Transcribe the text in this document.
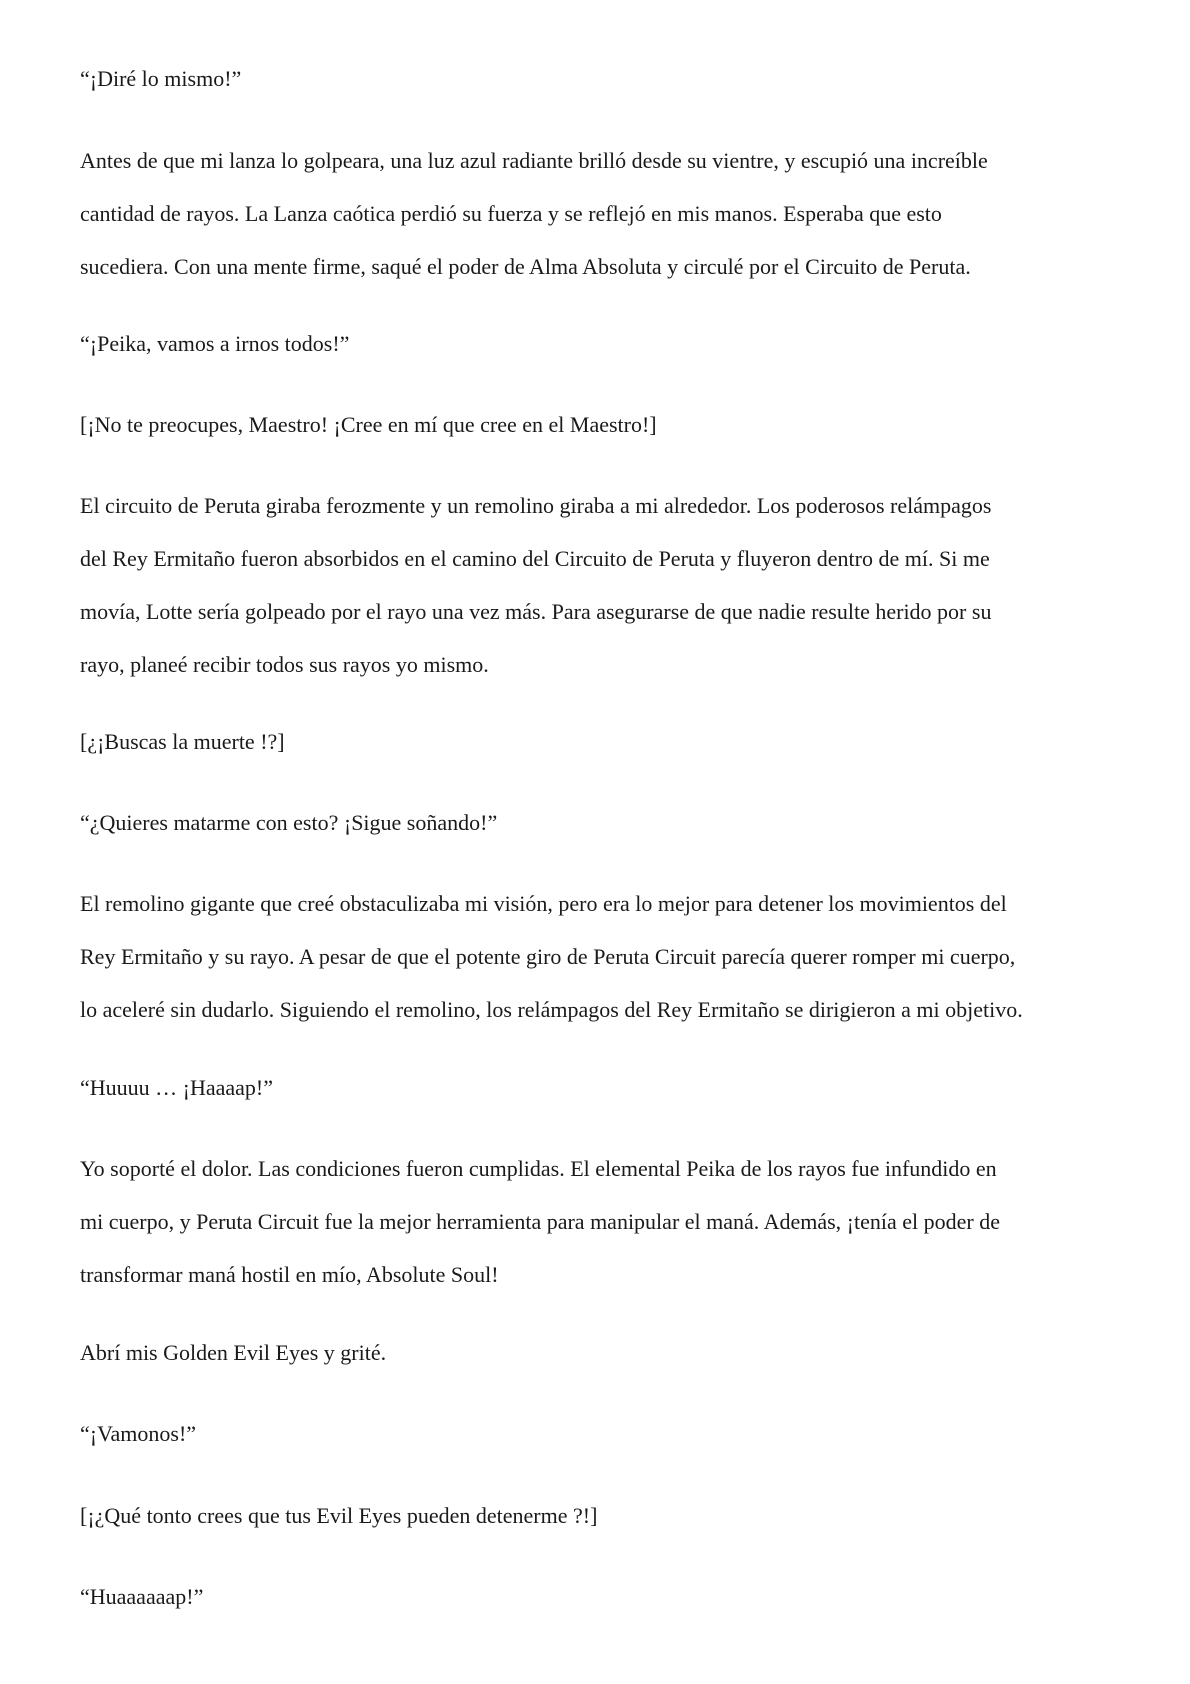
“¡Diré lo mismo!”

Antes de que mi lanza lo golpeara, una luz azul radiante brilló desde su vientre, y escupió una increíble

cantidad de rayos. La Lanza caótica perdió su fuerza y se reflejó en mis manos. Esperaba que esto

sucediera. Con una mente firme, saqué el poder de Alma Absoluta y circulé por el Circuito de Peruta.

“¡Peika, vamos a irnos todos!”

[¡No te preocupes, Maestro! ¡Cree en mí que cree en el Maestro!]

El circuito de Peruta giraba ferozmente y un remolino giraba a mi alrededor. Los poderosos relámpagos

del Rey Ermitaño fueron absorbidos en el camino del Circuito de Peruta y fluyeron dentro de mí. Si me

movía, Lotte sería golpeado por el rayo una vez más. Para asegurarse de que nadie resulte herido por su

rayo, planeé recibir todos sus rayos yo mismo.

[¿¡Buscas la muerte !?]

“¿Quieres matarme con esto? ¡Sigue soñando!”

El remolino gigante que creé obstaculizaba mi visión, pero era lo mejor para detener los movimientos del

Rey Ermitaño y su rayo. A pesar de que el potente giro de Peruta Circuit parecía querer romper mi cuerpo,

lo aceleré sin dudarlo. Siguiendo el remolino, los relámpagos del Rey Ermitaño se dirigieron a mi objetivo.

“Huuuu … ¡Haaaap!”

Yo soporté el dolor. Las condiciones fueron cumplidas. El elemental Peika de los rayos fue infundido en

mi cuerpo, y Peruta Circuit fue la mejor herramienta para manipular el maná. Además, ¡tenía el poder de

transformar maná hostil en mío, Absolute Soul!

Abrí mis Golden Evil Eyes y grité.

“¡Vamonos!”

[¡¿Qué tonto crees que tus Evil Eyes pueden detenerme ?!]

“Huaaaaaap!”
